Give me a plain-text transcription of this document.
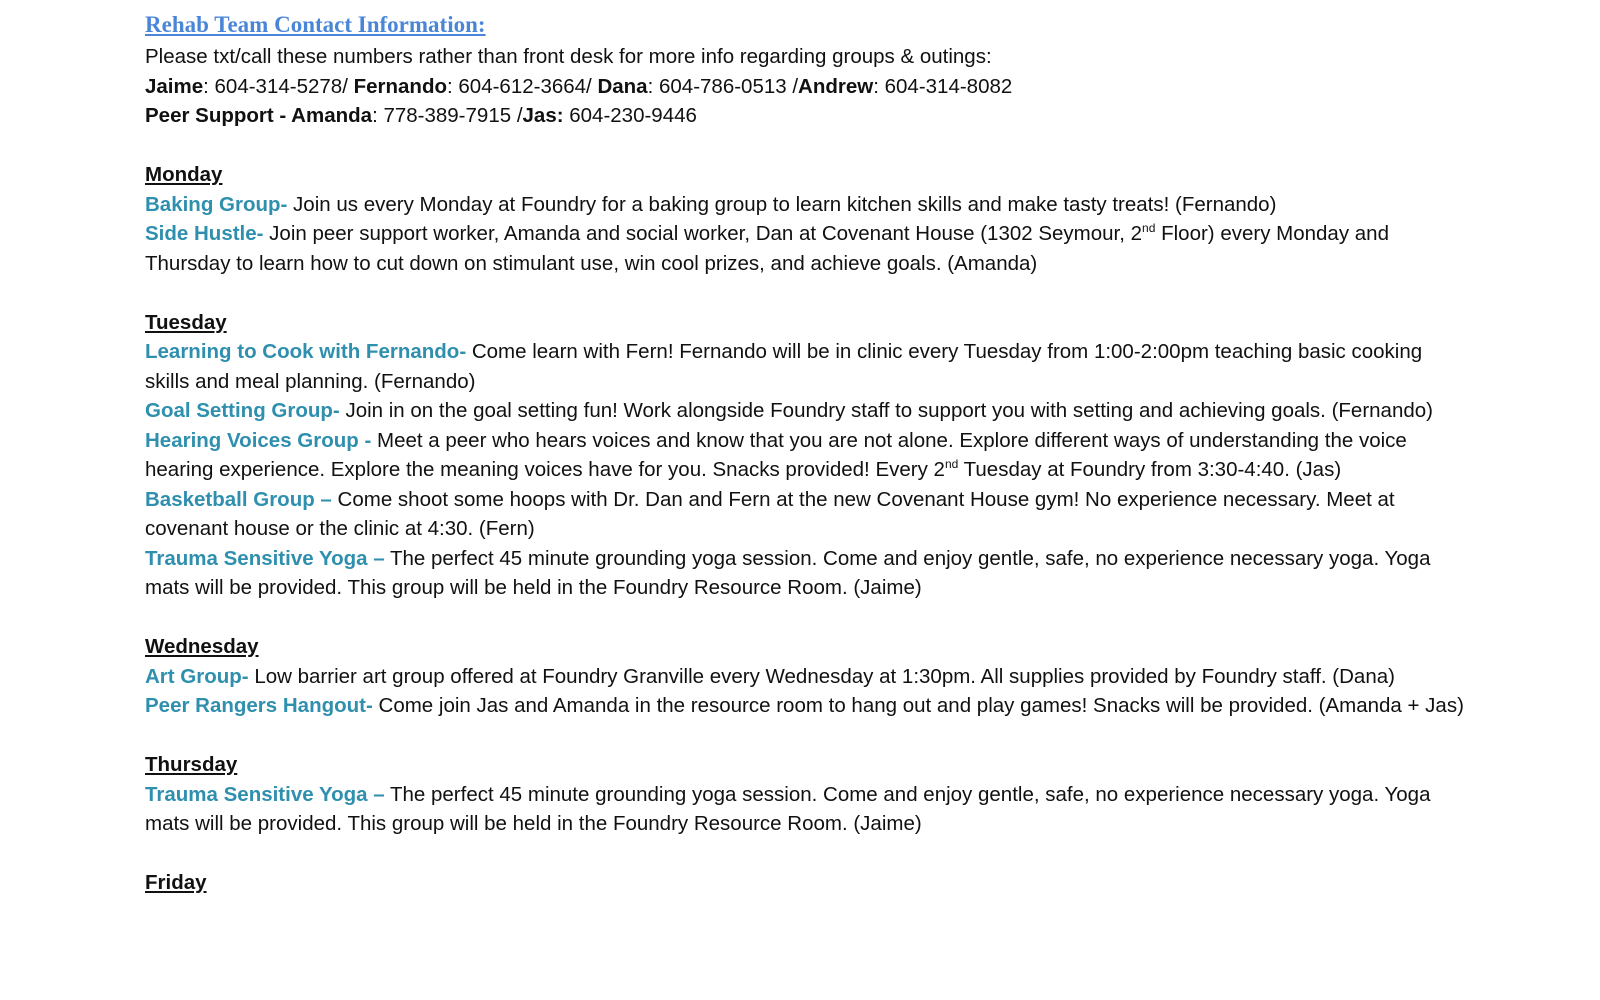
Rehab Team Contact Information:

Please txt/call these numbers rather than front desk for more info regarding groups & outings:

Jaime: 604-314-5278/ Fernando: 604-612-3664/ Dana: 604-786-0513 /Andrew: 604-314-8082

Peer Support - Amanda: 778-389-7915 /Jas: 604-230-9446

Monday

Baking Group- Join us every Monday at Foundry for a baking group to learn kitchen skills and make tasty treats! (Fernando)

Side Hustle- Join peer support worker, Amanda and social worker, Dan at Covenant House (1302 Seymour, 2nd Floor) every Monday and Thursday to learn how to cut down on stimulant use, win cool prizes, and achieve goals. (Amanda)

Tuesday

Learning to Cook with Fernando- Come learn with Fern! Fernando will be in clinic every Tuesday from 1:00-2:00pm teaching basic cooking skills and meal planning. (Fernando)

Goal Setting Group- Join in on the goal setting fun! Work alongside Foundry staff to support you with setting and achieving goals. (Fernando)

Hearing Voices Group - Meet a peer who hears voices and know that you are not alone. Explore different ways of understanding the voice hearing experience. Explore the meaning voices have for you. Snacks provided! Every 2nd Tuesday at Foundry from 3:30-4:40. (Jas)

Basketball Group – Come shoot some hoops with Dr. Dan and Fern at the new Covenant House gym! No experience necessary. Meet at covenant house or the clinic at 4:30. (Fern)

Trauma Sensitive Yoga – The perfect 45 minute grounding yoga session. Come and enjoy gentle, safe, no experience necessary yoga. Yoga mats will be provided. This group will be held in the Foundry Resource Room. (Jaime)

Wednesday

Art Group- Low barrier art group offered at Foundry Granville every Wednesday at 1:30pm. All supplies provided by Foundry staff. (Dana)

Peer Rangers Hangout- Come join Jas and Amanda in the resource room to hang out and play games! Snacks will be provided. (Amanda + Jas)

Thursday

Trauma Sensitive Yoga – The perfect 45 minute grounding yoga session. Come and enjoy gentle, safe, no experience necessary yoga. Yoga mats will be provided. This group will be held in the Foundry Resource Room. (Jaime)

Friday
